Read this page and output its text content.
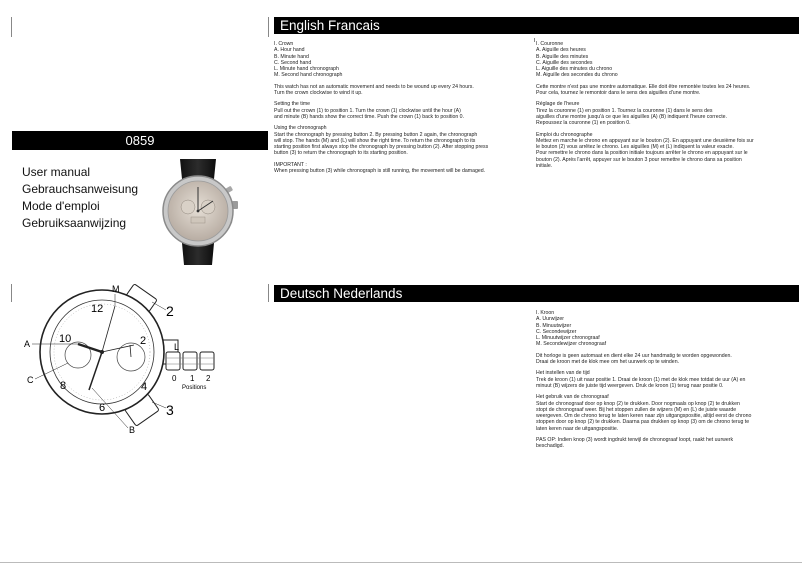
English Francais
Deutsch Nederlands
0859
User manual
Gebrauchsanweisung
Mode d'emploi
Gebruiksaanwijzing
12
10	2
8	4
6
M
A
C
B
2
3
L
0 1 2
Positions
I. Crown
A. Hour hand
B. Minute hand
C. Second hand
L. Minute hand chronograph
M. Second hand chronograph
This watch has not an automatic movement and needs to be wound up every 24 hours.
Turn the crown clockwise to wind it up.
Setting the time
Pull out the crown (1) to position 1. Turn the crown (1) clockwise until the hour (A)
and minute (B) hands show the correct time. Push the crown (1) back to position 0.
Using the chronograph
Start the chronograph by pressing button 2. By pressing button 2 again, the chronograph
will stop. The hands (M) and (L) will show the right time. To return the chronograph to its
starting position first always stop the chronograph by pressing button (2). After stopping press
button (3) to return the chronograph to its starting position.
IMPORTANT :
When pressing button (3) while chronograph is still running, the movement will be damaged.
I. Couronne
A. Aiguille des heures
B. Aiguille des minutes
C. Aiguille des secondes
L. Aiguille des minutes du chrono
M. Aiguille des secondes du chrono
Cette montre n'est pas une montre automatique. Elle doit être remontée toutes les 24 heures.
Pour cela, tournez le remontoir dans le sens des aiguilles d'une montre.
Réglage de l'heure
Tirez la couronne (1) en position 1. Tournez la couronne (1) dans le sens des
aiguilles d'une montre jusqu'à ce que les aiguilles (A) (B) indiquent l'heure correcte.
Repoussez la couronne (1) en position 0.
Emploi du chronographe
Mettez en marche le chrono en appuyant sur le bouton (2). En appuyant une deuxième fois sur
le bouton (2) vous arrêtez le chrono. Les aiguilles (M) et (L) indiquent la valeur exacte.
Pour remettre le chrono dans la position initiale toujours arrêter le chrono en appuyant sur le
bouton (2). Après l'arrêt, appuyer sur le bouton 3 pour remettre le chrono dans sa position
initiale.
I. Kroon
A. Uurwijzer
B. Minuutwijzer
C. Secondewijzer
L. Minuutwijzer chronograaf
M. Secondewijzer chronograaf
Dit horloge is geen automaat en dient elke 24 uur handmatig te worden opgewonden.
Draai de kroon met de klok mee om het uurwerk op te winden.
Het instellen van de tijd
Trek de kroon (1) uit naar positie 1. Draai de kroon (1) met de klok mee totdat de uur (A) en
minuut (B) wijzers de juiste tijd weergeven. Druk de kroon (1) terug naar positie 0.
Het gebruik van de chronograaf
Start de chronograaf door op knop (2) te drukken. Door nogmaals op knop (2) te drukken
stopt de chronograaf weer. Bij het stoppen zullen de wijzers (M) en (L) de juiste waarde
weergeven. Om de chrono terug te laten keren naar zijn uitgangspositie, altijd eerst de chrono
stoppen door op knop (2) te drukken. Daarna pas drukken op knop (3) om de chrono terug te
laten keren naar de uitgangspositie.
PAS OP: Indien knop (3) wordt ingdrukt terwijl de chronograaf loopt, raakt het uurwerk
beschadigd.
